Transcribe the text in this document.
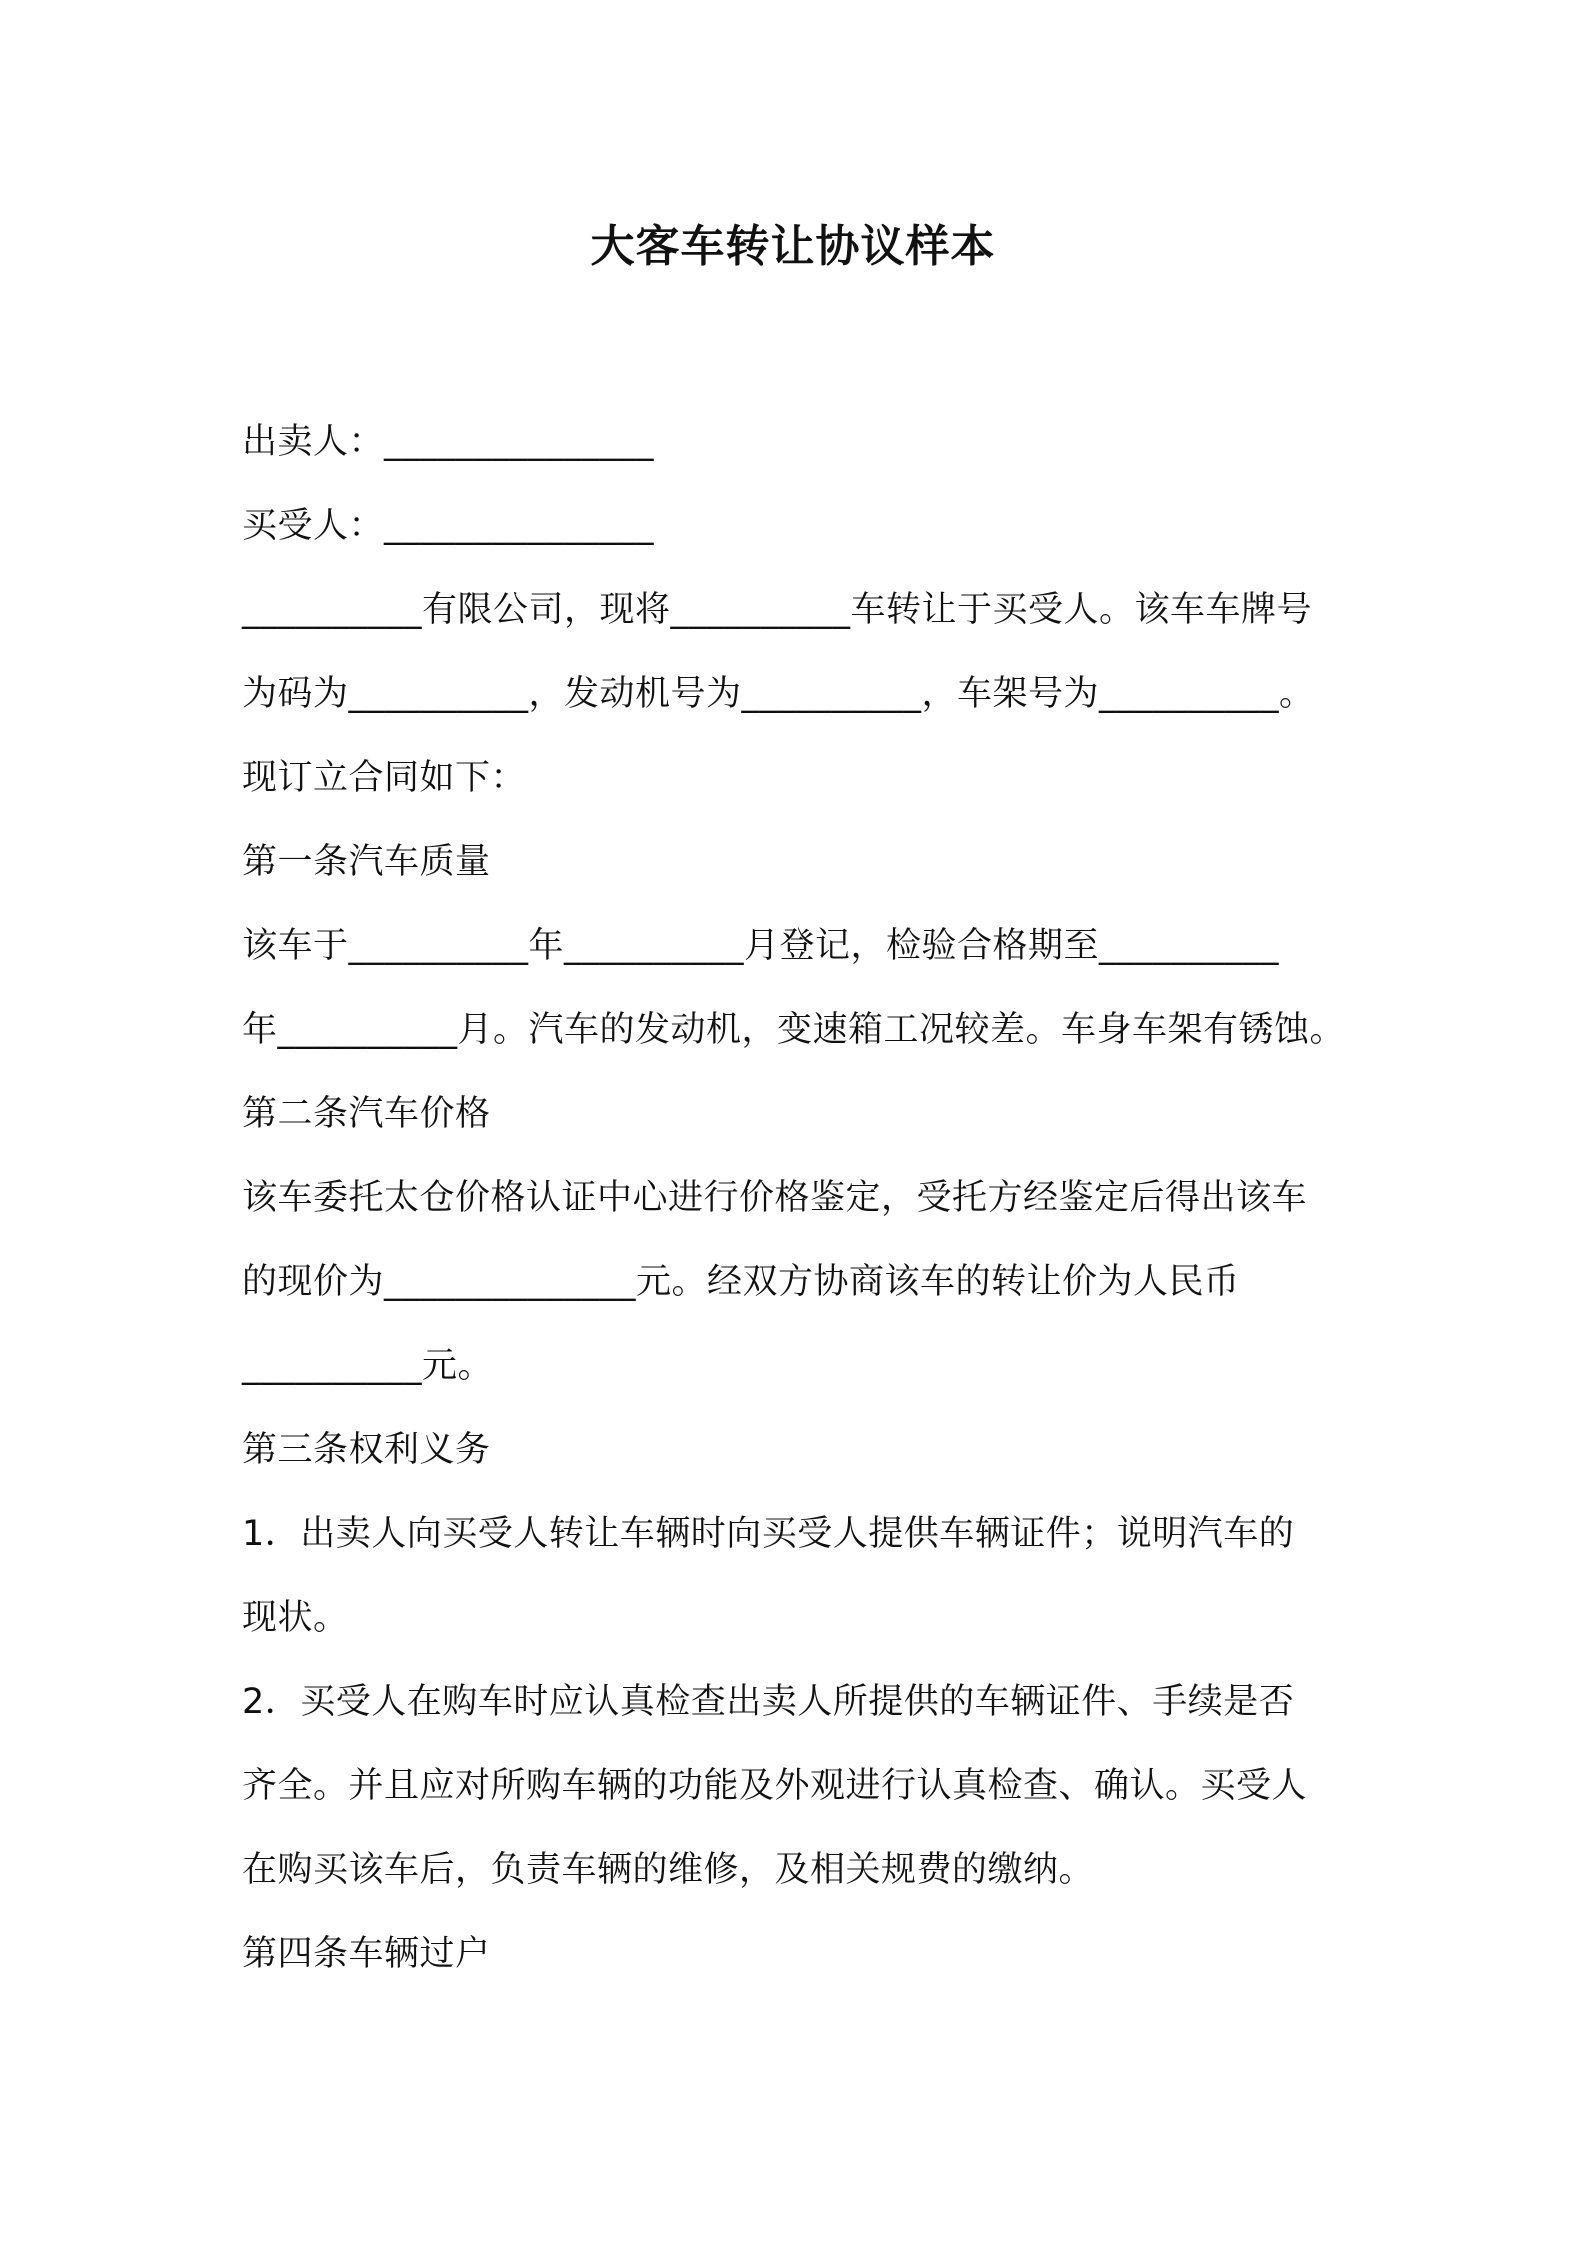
大客车转让协议样本
出卖人：_______________
买受人：_______________
__________有限公司，现将__________车转让于买受人。该车车牌号
为码为__________，发动机号为__________，车架号为__________。
现订立合同如下：
第一条汽车质量
该车于__________年__________月登记，检验合格期至__________
年__________月。汽车的发动机，变速箱工况较差。车身车架有锈蚀。
第二条汽车价格
该车委托太仓价格认证中心进行价格鉴定，受托方经鉴定后得出该车
的现价为______________元。经双方协商该车的转让价为人民币
__________元。
第三条权利义务
1．出卖人向买受人转让车辆时向买受人提供车辆证件；说明汽车的
现状。
2．买受人在购车时应认真检查出卖人所提供的车辆证件、手续是否
齐全。并且应对所购车辆的功能及外观进行认真检查、确认。买受人
在购买该车后，负责车辆的维修，及相关规费的缴纳。
第四条车辆过户
